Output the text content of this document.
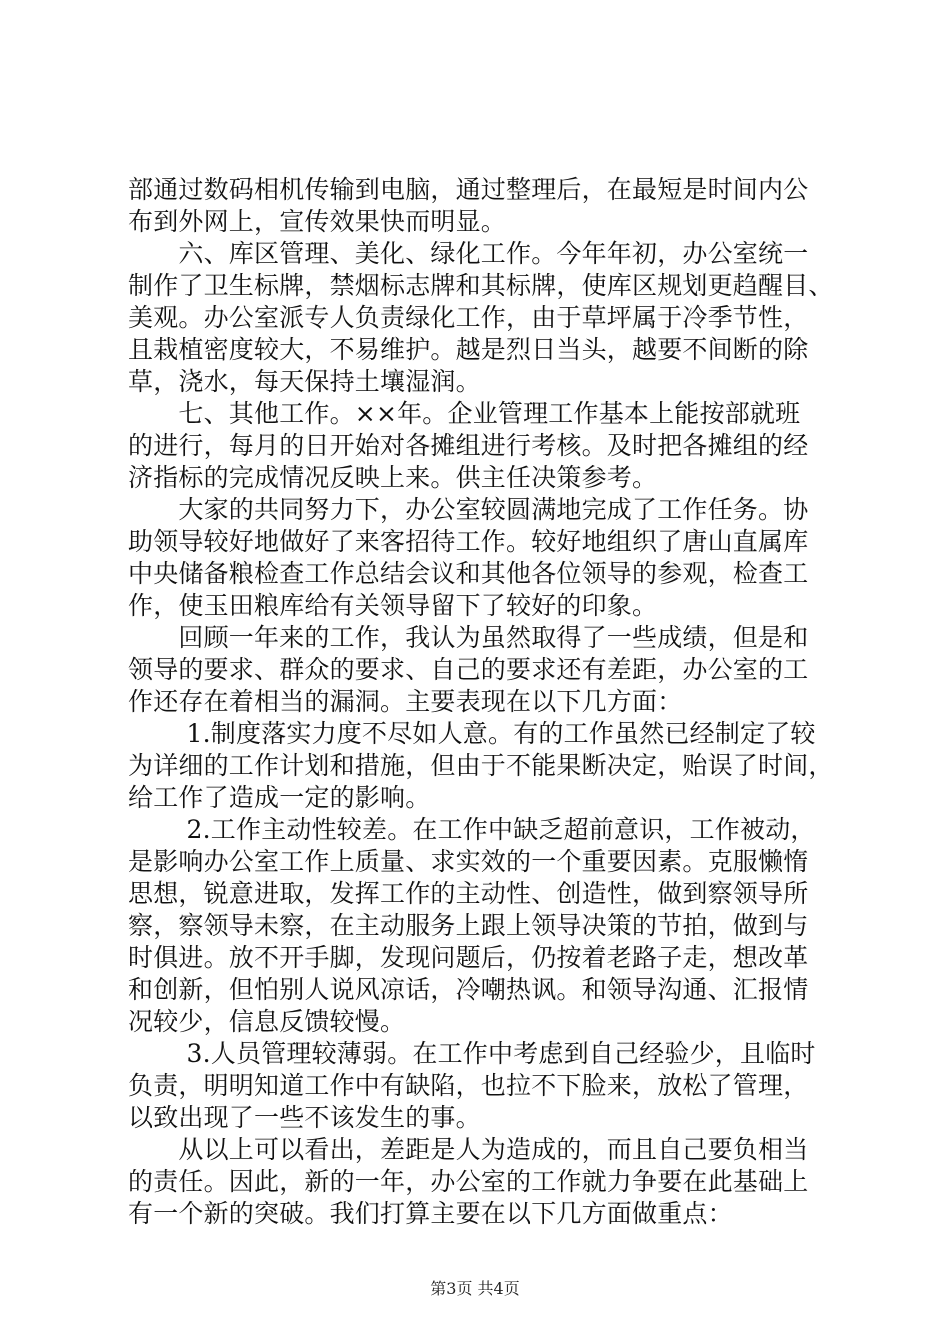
部通过数码相机传输到电脑，通过整理后，在最短是时间内公
布到外网上，宣传效果快而明显。
　　六、库区管理、美化、绿化工作。今年年初，办公室统一
制作了卫生标牌，禁烟标志牌和其标牌，使库区规划更趋醒目、
美观。办公室派专人负责绿化工作，由于草坪属于冷季节性，
且栽植密度较大，不易维护。越是烈日当头，越要不间断的除
草，浇水，每天保持土壤湿润。
　　七、其他工作。××年。企业管理工作基本上能按部就班
的进行，每月的日开始对各摊组进行考核。及时把各摊组的经
济指标的完成情况反映上来。供主任决策参考。
　　大家的共同努力下，办公室较圆满地完成了工作任务。协
助领导较好地做好了来客招待工作。较好地组织了唐山直属库
中央储备粮检查工作总结会议和其他各位领导的参观，检查工
作，使玉田粮库给有关领导留下了较好的印象。
　　回顾一年来的工作，我认为虽然取得了一些成绩，但是和
领导的要求、群众的要求、自己的要求还有差距，办公室的工
作还存在着相当的漏洞。主要表现在以下几方面：
　　 1.制度落实力度不尽如人意。有的工作虽然已经制定了较
为详细的工作计划和措施，但由于不能果断决定，贻误了时间，
给工作了造成一定的影响。
　　 2.工作主动性较差。在工作中缺乏超前意识，工作被动，
是影响办公室工作上质量、求实效的一个重要因素。克服懒惰
思想，锐意进取，发挥工作的主动性、创造性，做到察领导所
察，察领导未察，在主动服务上跟上领导决策的节拍，做到与
时俱进。放不开手脚，发现问题后，仍按着老路子走，想改革
和创新，但怕别人说风凉话，冷嘲热讽。和领导沟通、汇报情
况较少，信息反馈较慢。
　　 3.人员管理较薄弱。在工作中考虑到自己经验少，且临时
负责，明明知道工作中有缺陷，也拉不下脸来，放松了管理，
以致出现了一些不该发生的事。
　　从以上可以看出，差距是人为造成的，而且自己要负相当
的责任。因此，新的一年，办公室的工作就力争要在此基础上
有一个新的突破。我们打算主要在以下几方面做重点：
第3页 共4页
